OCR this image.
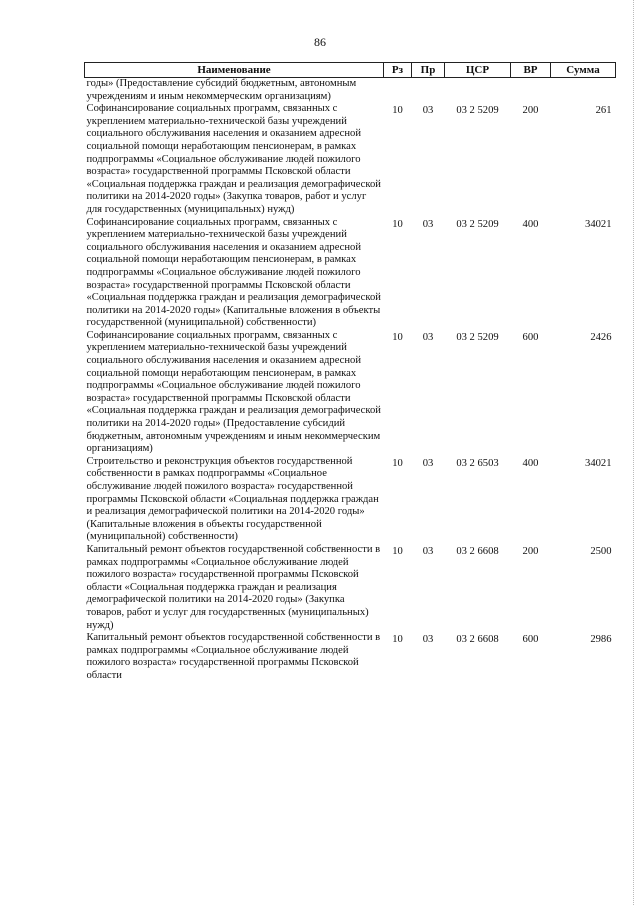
86
Наименование	Рз	Пр	ЦСР	ВР	Сумма
годы» (Предоставление субсидий бюджетным, автономным учреждениям и иным некоммерческим организациям)					
Софинансирование социальных программ, связанных с укреплением материально-технической базы учреждений социального обслуживания населения и оказанием адресной социальной помощи неработающим пенсионерам, в рамках подпрограммы «Социальное обслуживание людей пожилого возраста» государственной программы Псковской области «Социальная поддержка граждан и реализация демографической политики на 2014-2020 годы» (Закупка товаров, работ и услуг для государственных (муниципальных) нужд)	10	03	03 2 5209	200	261
Софинансирование социальных программ, связанных с укреплением материально-технической базы учреждений социального обслуживания населения и оказанием адресной социальной помощи неработающим пенсионерам, в рамках подпрограммы «Социальное обслуживание людей пожилого возраста» государственной программы Псковской области «Социальная поддержка граждан и реализация демографической политики на 2014-2020 годы» (Капитальные вложения в объекты государственной (муниципальной) собственности)	10	03	03 2 5209	400	34021
Софинансирование социальных программ, связанных с укреплением материально-технической базы учреждений социального обслуживания населения и оказанием адресной социальной помощи неработающим пенсионерам, в рамках подпрограммы «Социальное обслуживание людей пожилого возраста» государственной программы Псковской области «Социальная поддержка граждан и реализация демографической политики на 2014-2020 годы» (Предоставление субсидий бюджетным, автономным учреждениям и иным некоммерческим организациям)	10	03	03 2 5209	600	2426
Строительство и реконструкция объектов государственной собственности в рамках подпрограммы «Социальное обслуживание людей пожилого возраста» государственной программы Псковской области «Социальная поддержка граждан и реализация демографической политики на 2014-2020 годы» (Капитальные вложения в объекты государственной (муниципальной) собственности)	10	03	03 2 6503	400	34021
Капитальный ремонт объектов государственной собственности в рамках подпрограммы «Социальное обслуживание людей пожилого возраста» государственной программы Псковской области «Социальная поддержка граждан и реализация демографической политики на 2014-2020 годы» (Закупка товаров, работ и услуг для государственных (муниципальных) нужд)	10	03	03 2 6608	200	2500
Капитальный ремонт объектов государственной собственности в рамках подпрограммы «Социальное обслуживание людей пожилого возраста» государственной программы Псковской области	10	03	03 2 6608	600	2986
